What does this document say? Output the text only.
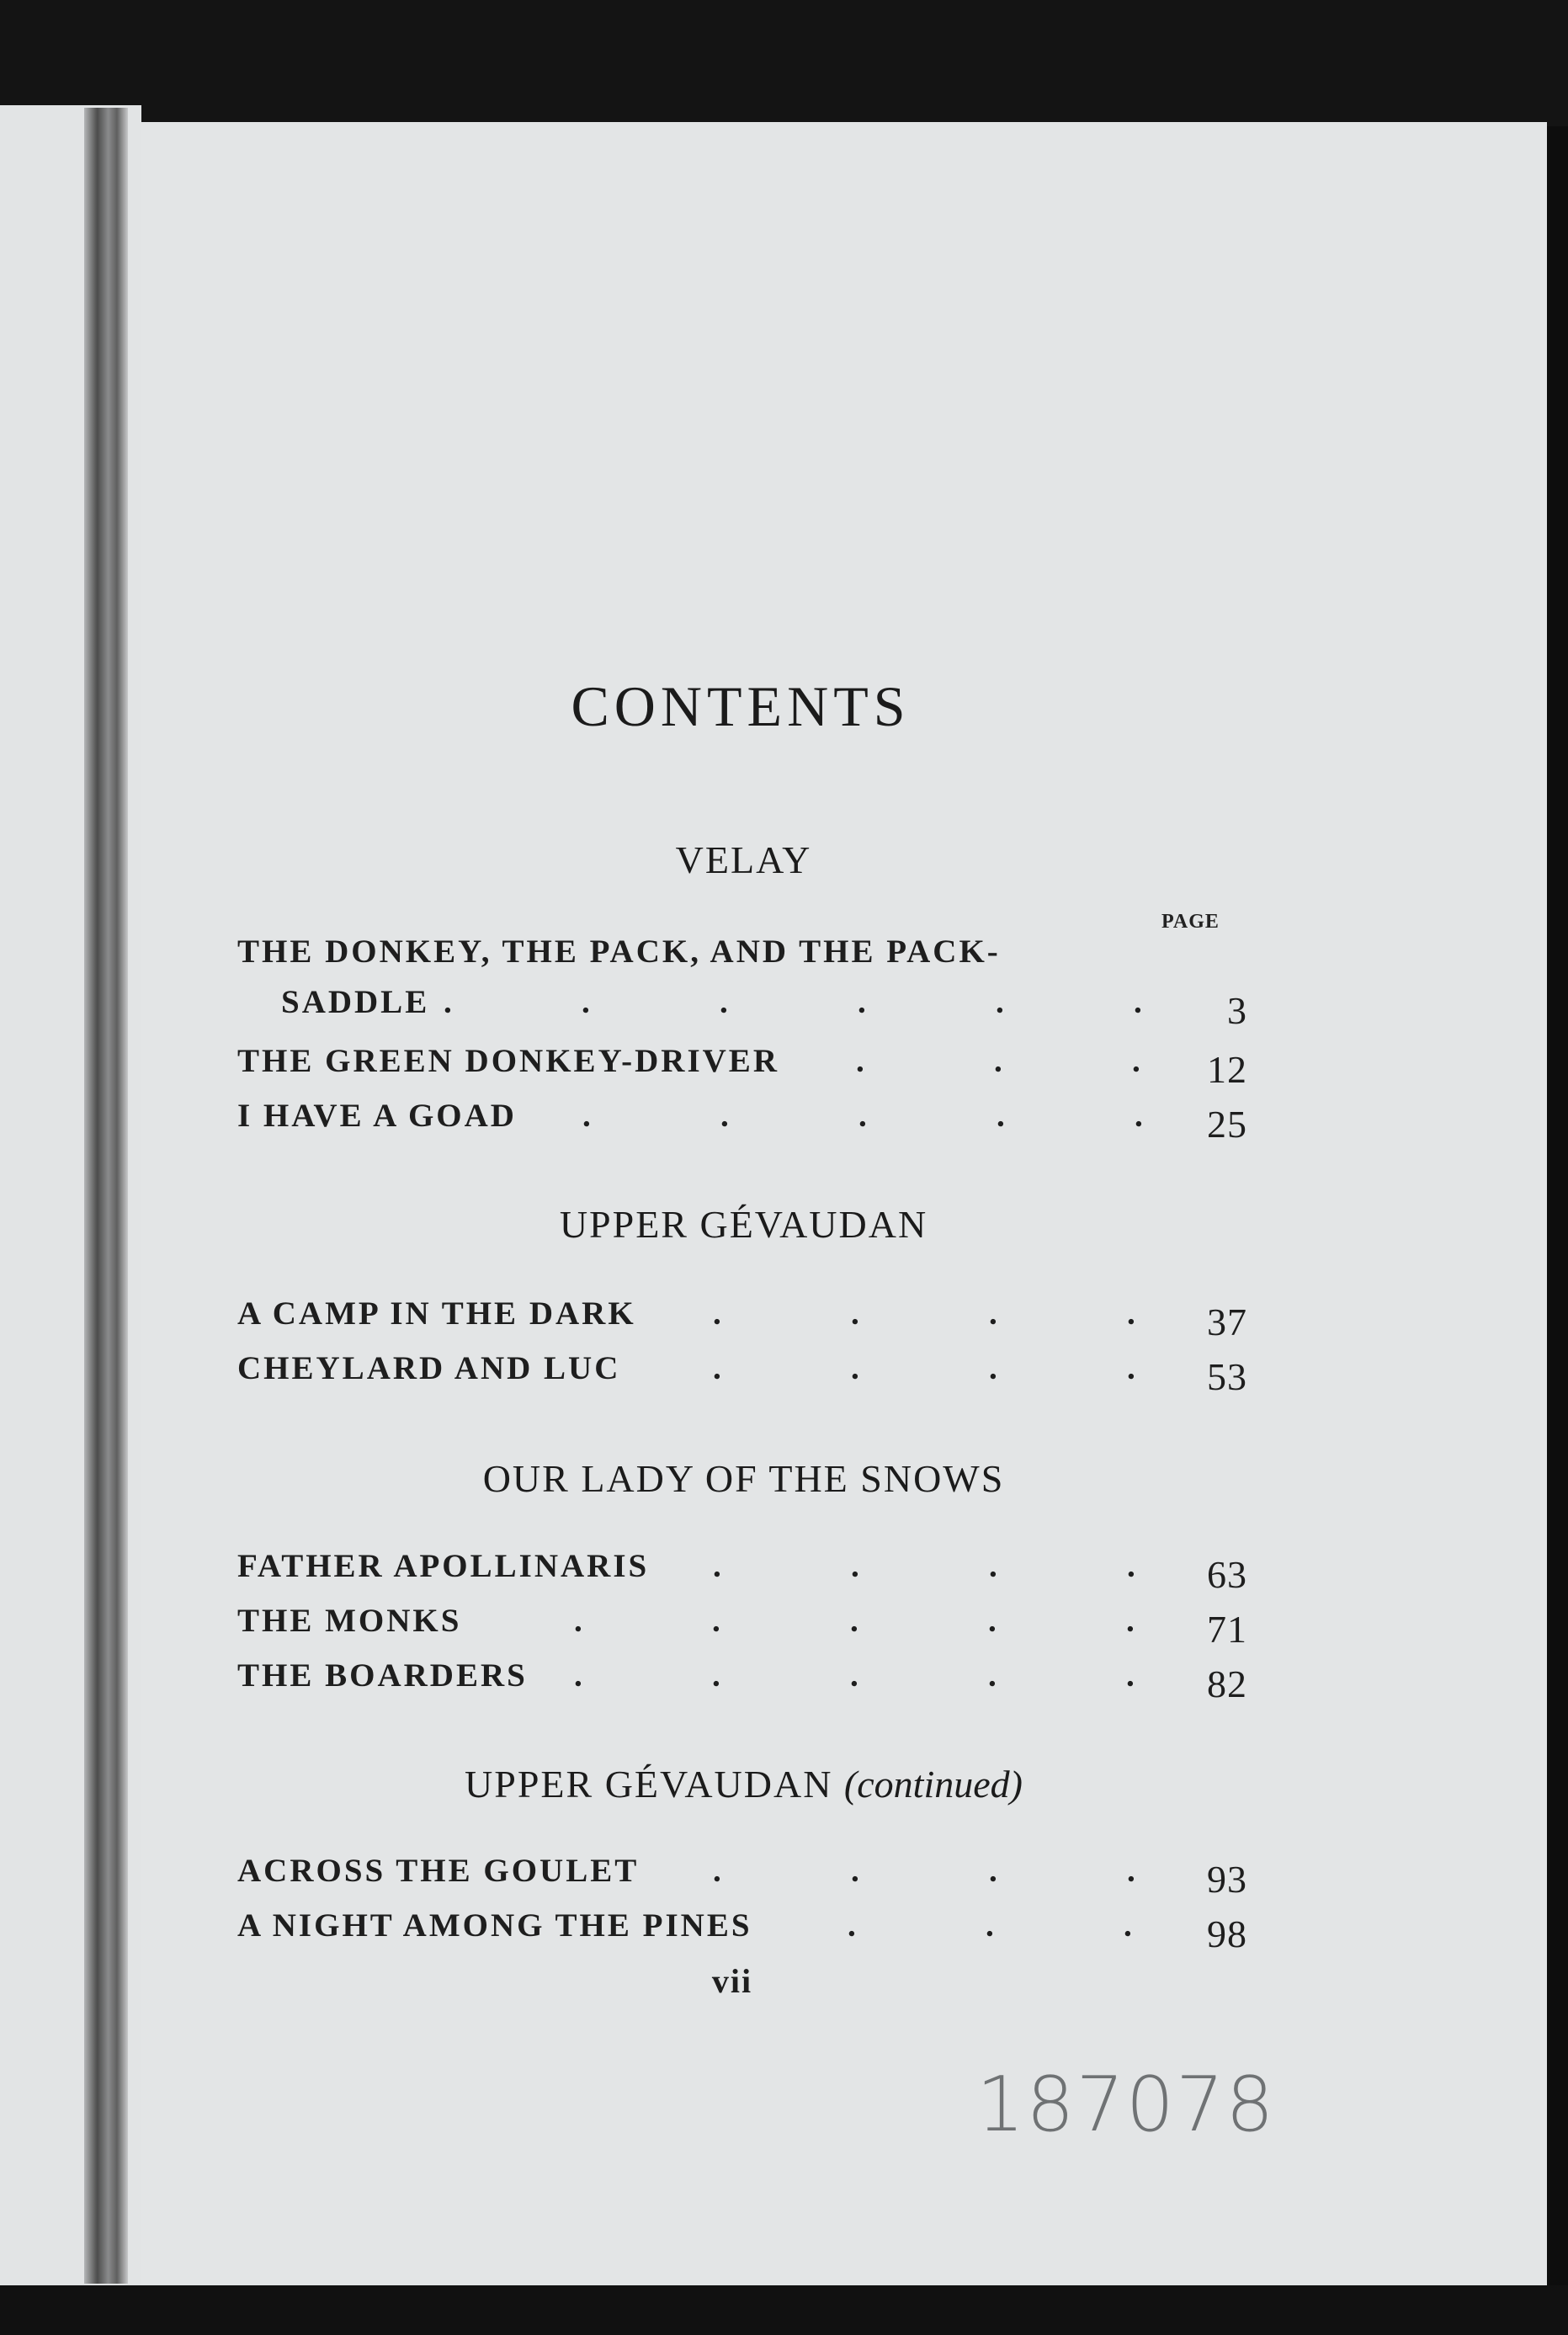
CONTENTS
VELAY
PAGE
THE DONKEY, THE PACK, AND THE PACK-
SADDLE .	.	.	.	.	.	3
THE GREEN DONKEY-DRIVER .	.	.	12
I HAVE A GOAD .	.	.	.	.	25
UPPER GÉVAUDAN
A CAMP IN THE DARK .	.	.	.	37
CHEYLARD AND LUC	.	.	.	.	53
OUR LADY OF THE SNOWS
FATHER APOLLINARIS .	.	.	.	63
THE MONKS	.	.	.	.	.	71
THE BOARDERS .	.	.	.	.	82
UPPER GÉVAUDAN (continued)
ACROSS THE GOULET .	.	.	.	93
A NIGHT AMONG THE PINES	.	.	.	98
vii
187078
